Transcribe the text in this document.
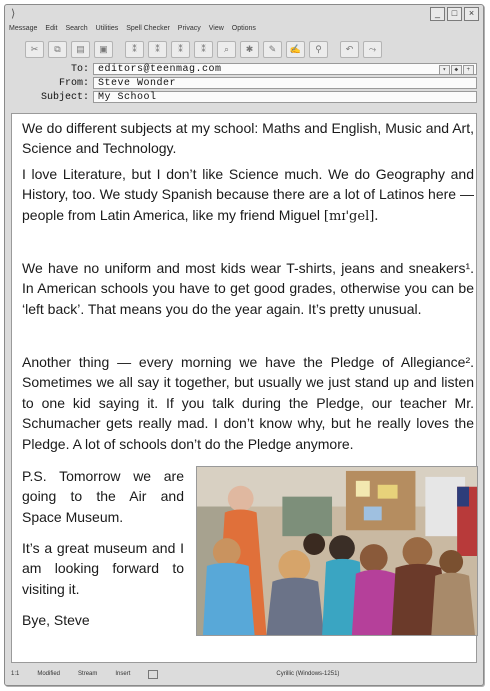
⟩	_	□	×
Message Edit Search Utilities Spell Checker Privacy View Options
✂	⧉	▤	▣	⁑	⁑	⁑	⁑	⌕	✱	✎	✍	⚲	↶	⤳
To: editors@teenmag.com	▾	◆	+
From: Steve Wonder
Subject: My School

We do different subjects at my school: Maths and English, Music and Art, Science and Technology.

I love Literature, but I don’t like Science much. We do Geography and History, too. We study Spanish because there are a lot of Latinos here — people from Latin America, like my friend Miguel [mɪ'gel].

We have no uniform and most kids wear T-shirts, jeans and sneakers¹. In American schools you have to get good grades, otherwise you can be ‘left back’. That means you do the year again. It’s pretty unusual.

Another thing — every morning we have the Pledge of Allegiance². Sometimes we all say it together, but usually we just stand up and listen to one kid saying it. If you talk during the Pledge, our teacher Mr. Schumacher gets really mad. I don’t know why, but he really loves the Pledge. A lot of schools don’t do the Pledge anymore.

P.S. Tomorrow we are going to the Air and Space Museum.

It’s a great museum and I am looking forward to visiting it.

Bye, Steve

1:1	Modified	Stream	Insert	Cyrillic (Windows-1251)
